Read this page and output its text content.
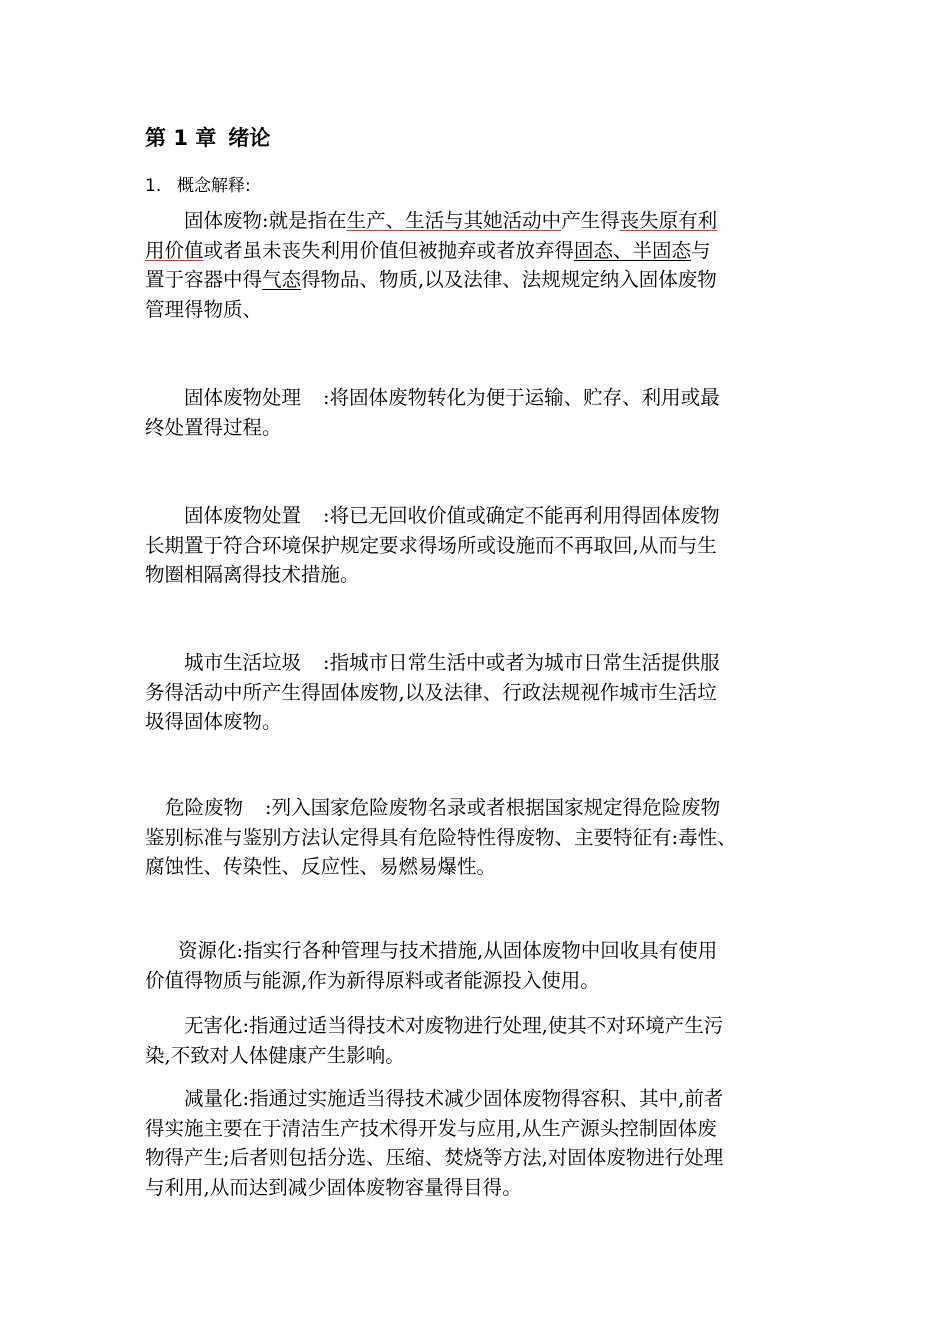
第 1 章 绪论
1. 概念解释:
固体废物:就是指在生产、生活与其她活动中产生得丧失原有利
用价值或者虽未丧失利用价值但被抛弃或者放弃得固态、半固态与
置于容器中得气态得物品、物质,以及法律、法规规定纳入固体废物
管理得物质、
固体废物处理 :将固体废物转化为便于运输、贮存、利用或最
终处置得过程。
固体废物处置 :将已无回收价值或确定不能再利用得固体废物
长期置于符合环境保护规定要求得场所或设施而不再取回,从而与生
物圈相隔离得技术措施。
城市生活垃圾 :指城市日常生活中或者为城市日常生活提供服
务得活动中所产生得固体废物,以及法律、行政法规视作城市生活垃
圾得固体废物。
危险废物 :列入国家危险废物名录或者根据国家规定得危险废物
鉴别标准与鉴别方法认定得具有危险特性得废物、主要特征有:毒性、
腐蚀性、传染性、反应性、易燃易爆性。
资源化:指实行各种管理与技术措施,从固体废物中回收具有使用
价值得物质与能源,作为新得原料或者能源投入使用。
无害化:指通过适当得技术对废物进行处理,使其不对环境产生污
染,不致对人体健康产生影响。
减量化:指通过实施适当得技术减少固体废物得容积、其中,前者
得实施主要在于清洁生产技术得开发与应用,从生产源头控制固体废
物得产生;后者则包括分选、压缩、焚烧等方法,对固体废物进行处理
与利用,从而达到减少固体废物容量得目得。
